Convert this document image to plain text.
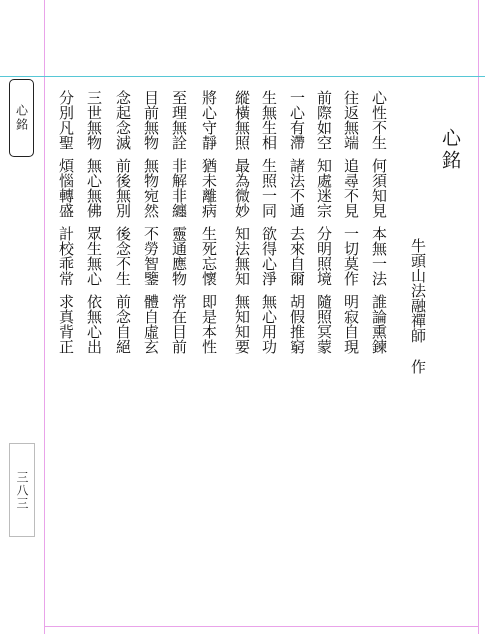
心銘
三八三
心銘
牛頭山法融禪師作
心性不生何須知見本無一法誰論熏鍊
往返無端追尋不見一切莫作明寂自現
前際如空知處迷宗分明照境隨照冥蒙
一心有滯諸法不通去來自爾胡假推窮
生無生相生照一同欲得心淨無心用功
縱橫無照最為微妙知法無知無知知要
將心守靜猶未離病生死忘懷即是本性
至理無詮非解非纏靈通應物常在目前
目前無物無物宛然不勞智鑒體自虛玄
念起念滅前後無別後念不生前念自絕
三世無物無心無佛眾生無心依無心出
分別凡聖煩惱轉盛計校乖常求真背正
